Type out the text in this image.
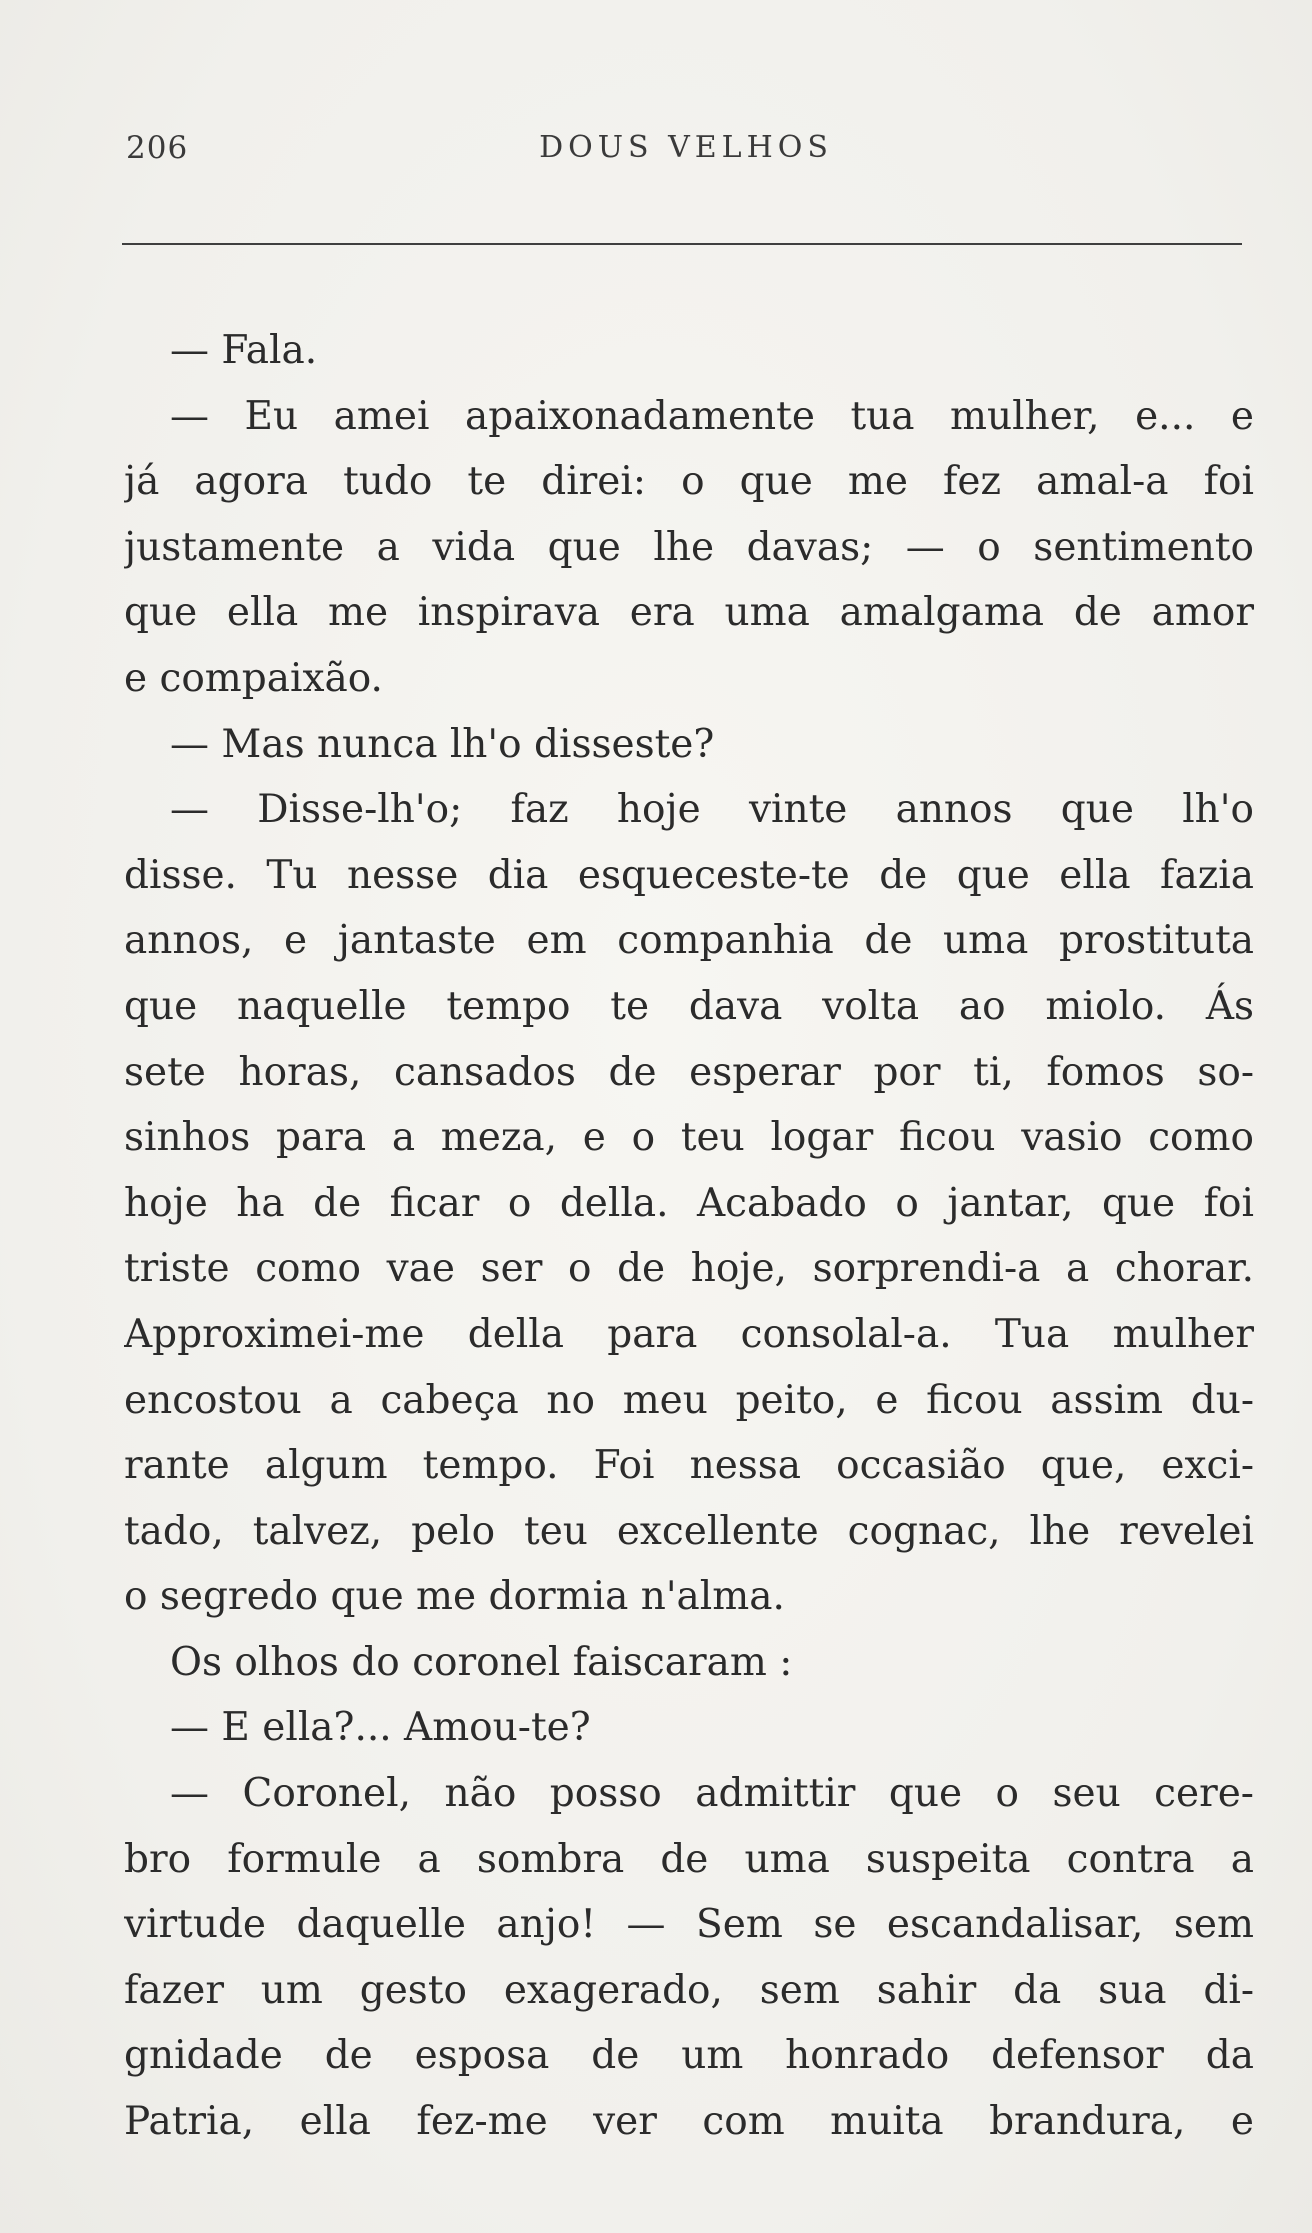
206	DOUS VELHOS
— Fala.
— Eu amei apaixonadamente tua mulher, e... e
já agora tudo te direi: o que me fez amal-a foi
justamente a vida que lhe davas; — o sentimento
que ella me inspirava era uma amalgama de amor
e compaixão.
— Mas nunca lh'o disseste?
— Disse-lh'o; faz hoje vinte annos que lh'o
disse. Tu nesse dia esqueceste-te de que ella fazia
annos, e jantaste em companhia de uma prostituta
que naquelle tempo te dava volta ao miolo. Ás
sete horas, cansados de esperar por ti, fomos so-
sinhos para a meza, e o teu logar ficou vasio como
hoje ha de ficar o della. Acabado o jantar, que foi
triste como vae ser o de hoje, sorprendi-a a chorar.
Approximei-me della para consolal-a. Tua mulher
encostou a cabeça no meu peito, e ficou assim du-
rante algum tempo. Foi nessa occasião que, exci-
tado, talvez, pelo teu excellente cognac, lhe revelei
o segredo que me dormia n'alma.
Os olhos do coronel faiscaram :
— E ella?... Amou-te?
— Coronel, não posso admittir que o seu cere-
bro formule a sombra de uma suspeita contra a
virtude daquelle anjo! — Sem se escandalisar, sem
fazer um gesto exagerado, sem sahir da sua di-
gnidade de esposa de um honrado defensor da
Patria, ella fez-me ver com muita brandura, e
